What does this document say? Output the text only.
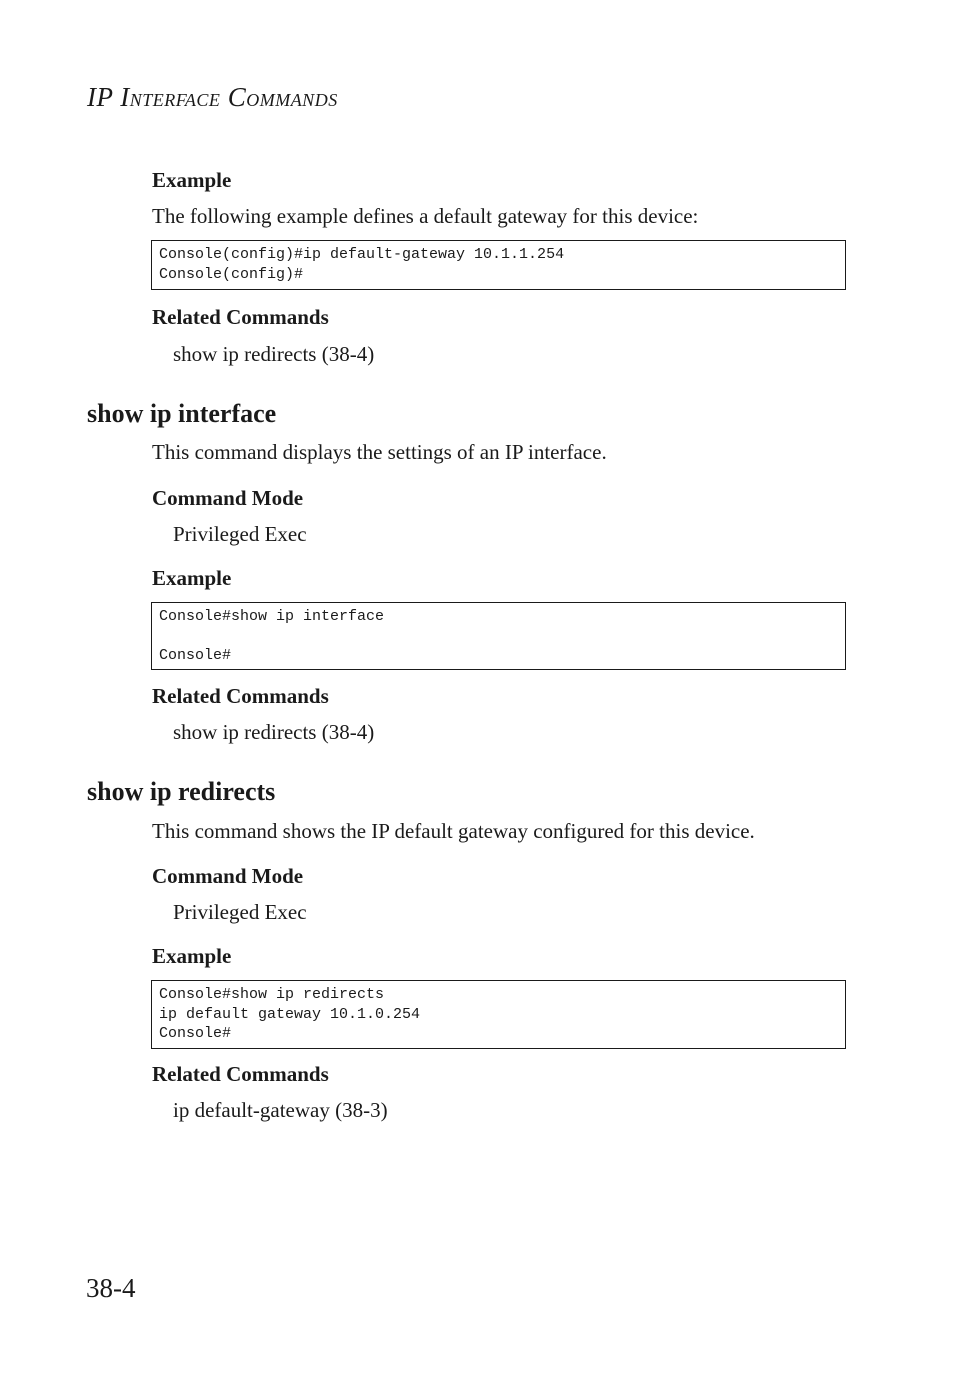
IP INTERFACE COMMANDS
Example
The following example defines a default gateway for this device:
Console(config)#ip default-gateway 10.1.1.254
Console(config)#
Related Commands
show ip redirects (38-4)
show ip interface
This command displays the settings of an IP interface.
Command Mode
Privileged Exec
Example
Console#show ip interface
Console#
Related Commands
show ip redirects (38-4)
show ip redirects
This command shows the IP default gateway configured for this device.
Command Mode
Privileged Exec
Example
Console#show ip redirects
ip default gateway 10.1.0.254
Console#
Related Commands
ip default-gateway (38-3)
38-4
